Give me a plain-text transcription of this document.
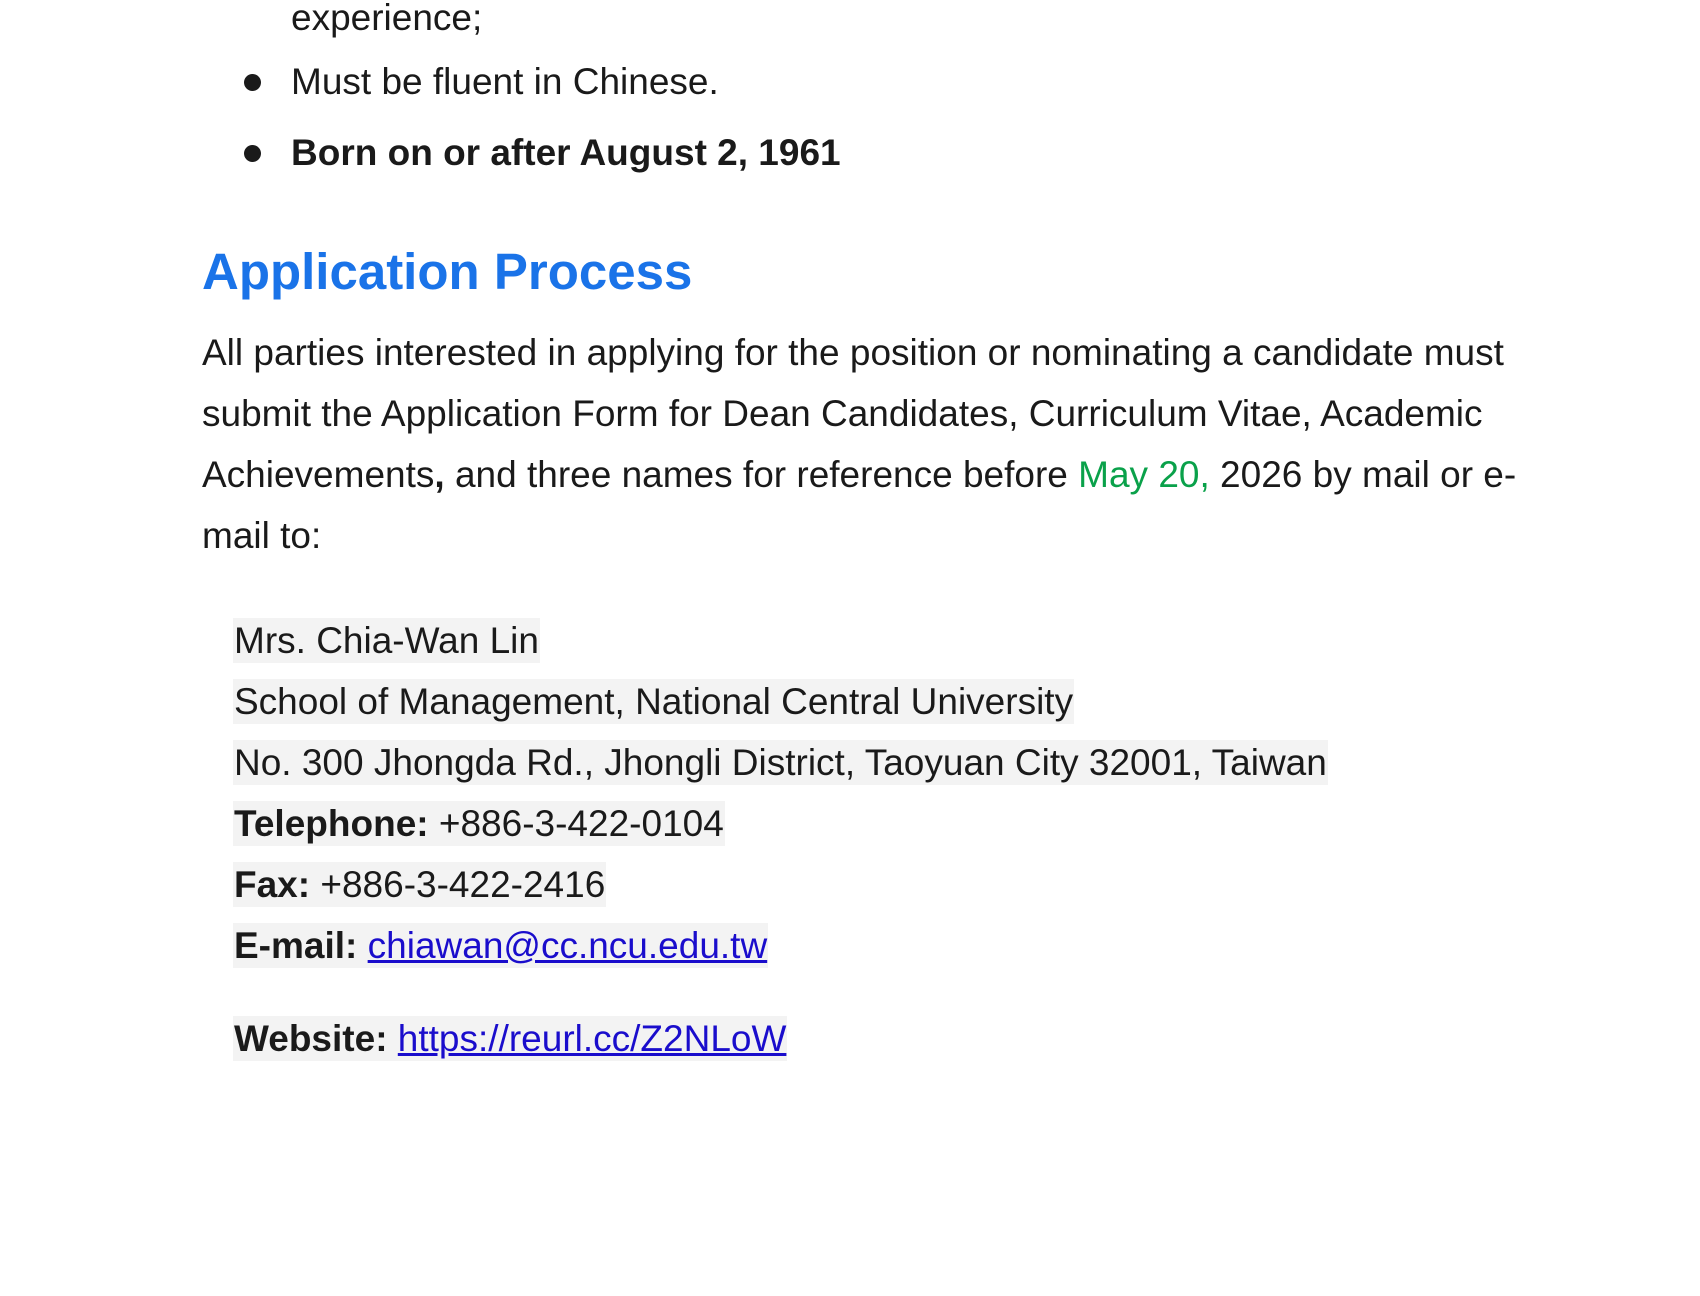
experience;
Must be fluent in Chinese.
Born on or after August 2, 1961
Application Process

All parties interested in applying for the position or nominating a candidate must submit the Application Form for Dean Candidates, Curriculum Vitae, Academic Achievements, and three names for reference before May 20, 2026 by mail or e-mail to:

Mrs. Chia-Wan Lin
School of Management, National Central University
No. 300 Jhongda Rd., Jhongli District, Taoyuan City 32001, Taiwan
Telephone: +886-3-422-0104
Fax: +886-3-422-2416
E-mail: chiawan@cc.ncu.edu.tw
Website: https://reurl.cc/Z2NLoW
